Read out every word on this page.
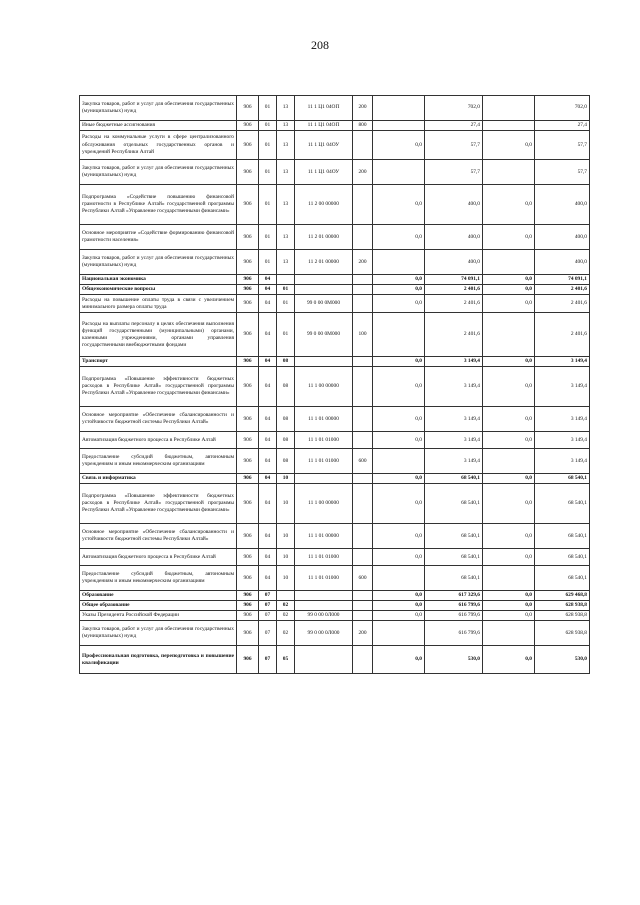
208
Закупка товаров, работ и услуг для обеспечения государственных (муниципальных) нужд	906	01	13	11 1 Ц1 04ОП	200		702,0		702,0
Иные бюджетные ассигнования	906	01	13	11 1 Ц1 04ОП	800		27,4		27,4
Расходы на коммунальные услуги в сфере централизованного обслуживания отдельных государственных органов и учреждений Республики Алтай	906	01	13	11 1 Ц1 04ОУ		0,0	57,7	0,0	57,7
Закупка товаров, работ и услуг для обеспечения государственных (муниципальных) нужд	906	01	13	11 1 Ц1 04ОУ	200		57,7		57,7
Подпрограмма «Содействие повышению финансовой грамотности в Республике Алтай» государственной программы Республики Алтай «Управление государственными финансами»	906	01	13	11 2 00 00000		0,0	400,0	0,0	400,0
Основное мероприятие «Содействие формированию финансовой грамотности населения»	906	01	13	11 2 01 00000		0,0	400,0	0,0	400,0
Закупка товаров, работ и услуг для обеспечения государственных (муниципальных) нужд	906	01	13	11 2 01 00000	200		400,0		400,0
Национальная экономика	906	04				0,0	74 091,1	0,0	74 091,1
Общеэкономические вопросы	906	04	01			0,0	2 401,6	0,0	2 401,6
Расходы на повышение оплаты труда в связи с увеличением минимального размера оплаты труда	906	04	01	99 0 00 0М000		0,0	2 401,6	0,0	2 401,6
Расходы на выплаты персоналу в целях обеспечения выполнения функций государственными (муниципальными) органами, казенными учреждениями, органами управления государственными внебюджетными фондами	906	04	01	99 0 00 0М000	100		2 401,6		2 401,6
Транспорт	906	04	08			0,0	3 149,4	0,0	3 149,4
Подпрограмма «Повышение эффективности бюджетных расходов в Республике Алтай» государственной программы Республики Алтай «Управление государственными финансами»	906	04	08	11 1 00 00000		0,0	3 149,4	0,0	3 149,4
Основное мероприятие «Обеспечение сбалансированности и устойчивости бюджетной системы Республики Алтай»	906	04	08	11 1 01 00000		0,0	3 149,4	0,0	3 149,4
Автоматизация бюджетного процесса в Республике Алтай	906	04	08	11 1 01 01000		0,0	3 149,4	0,0	3 149,4
Предоставление субсидий бюджетным, автономным учреждениям и иным некоммерческим организациям	906	04	08	11 1 01 01000	600		3 149,4		3 149,4
Связь и информатика	906	04	10			0,0	68 540,1	0,0	68 540,1
Подпрограмма «Повышение эффективности бюджетных расходов в Республике Алтай» государственной программы Республики Алтай «Управление государственными финансами»	906	04	10	11 1 00 00000		0,0	68 540,1	0,0	68 540,1
Основное мероприятие «Обеспечение сбалансированности и устойчивости бюджетной системы Республики Алтай»	906	04	10	11 1 01 00000		0,0	68 540,1	0,0	68 540,1
Автоматизация бюджетного процесса в Республике Алтай	906	04	10	11 1 01 01000		0,0	68 540,1	0,0	68 540,1
Предоставление субсидий бюджетным, автономным учреждениям и иным некоммерческим организациям	906	04	10	11 1 01 01000	600		68 540,1		68 540,1
Образование	906	07				0,0	617 329,6	0,0	629 468,8
Общее образование	906	07	02			0,0	616 799,6	0,0	628 938,8
Указы Президента Российской Федерации	906	07	02	99 0 00 0Л000		0,0	616 799,6	0,0	628 938,8
Закупка товаров, работ и услуг для обеспечения государственных (муниципальных) нужд	906	07	02	99 0 00 0Л000	200		616 799,6		628 938,8
Профессиональная подготовка, переподготовка и повышение квалификации	906	07	05			0,0	530,0	0,0	530,0
